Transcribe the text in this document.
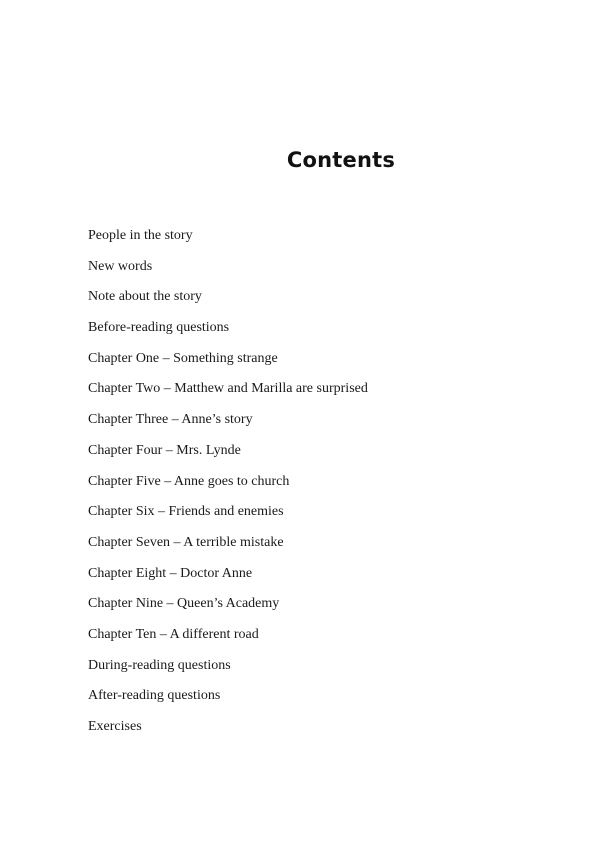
Contents
People in the story
New words
Note about the story
Before-reading questions
Chapter One – Something strange
Chapter Two – Matthew and Marilla are surprised
Chapter Three – Anne’s story
Chapter Four – Mrs. Lynde
Chapter Five – Anne goes to church
Chapter Six – Friends and enemies
Chapter Seven – A terrible mistake
Chapter Eight – Doctor Anne
Chapter Nine – Queen’s Academy
Chapter Ten – A different road
During-reading questions
After-reading questions
Exercises
